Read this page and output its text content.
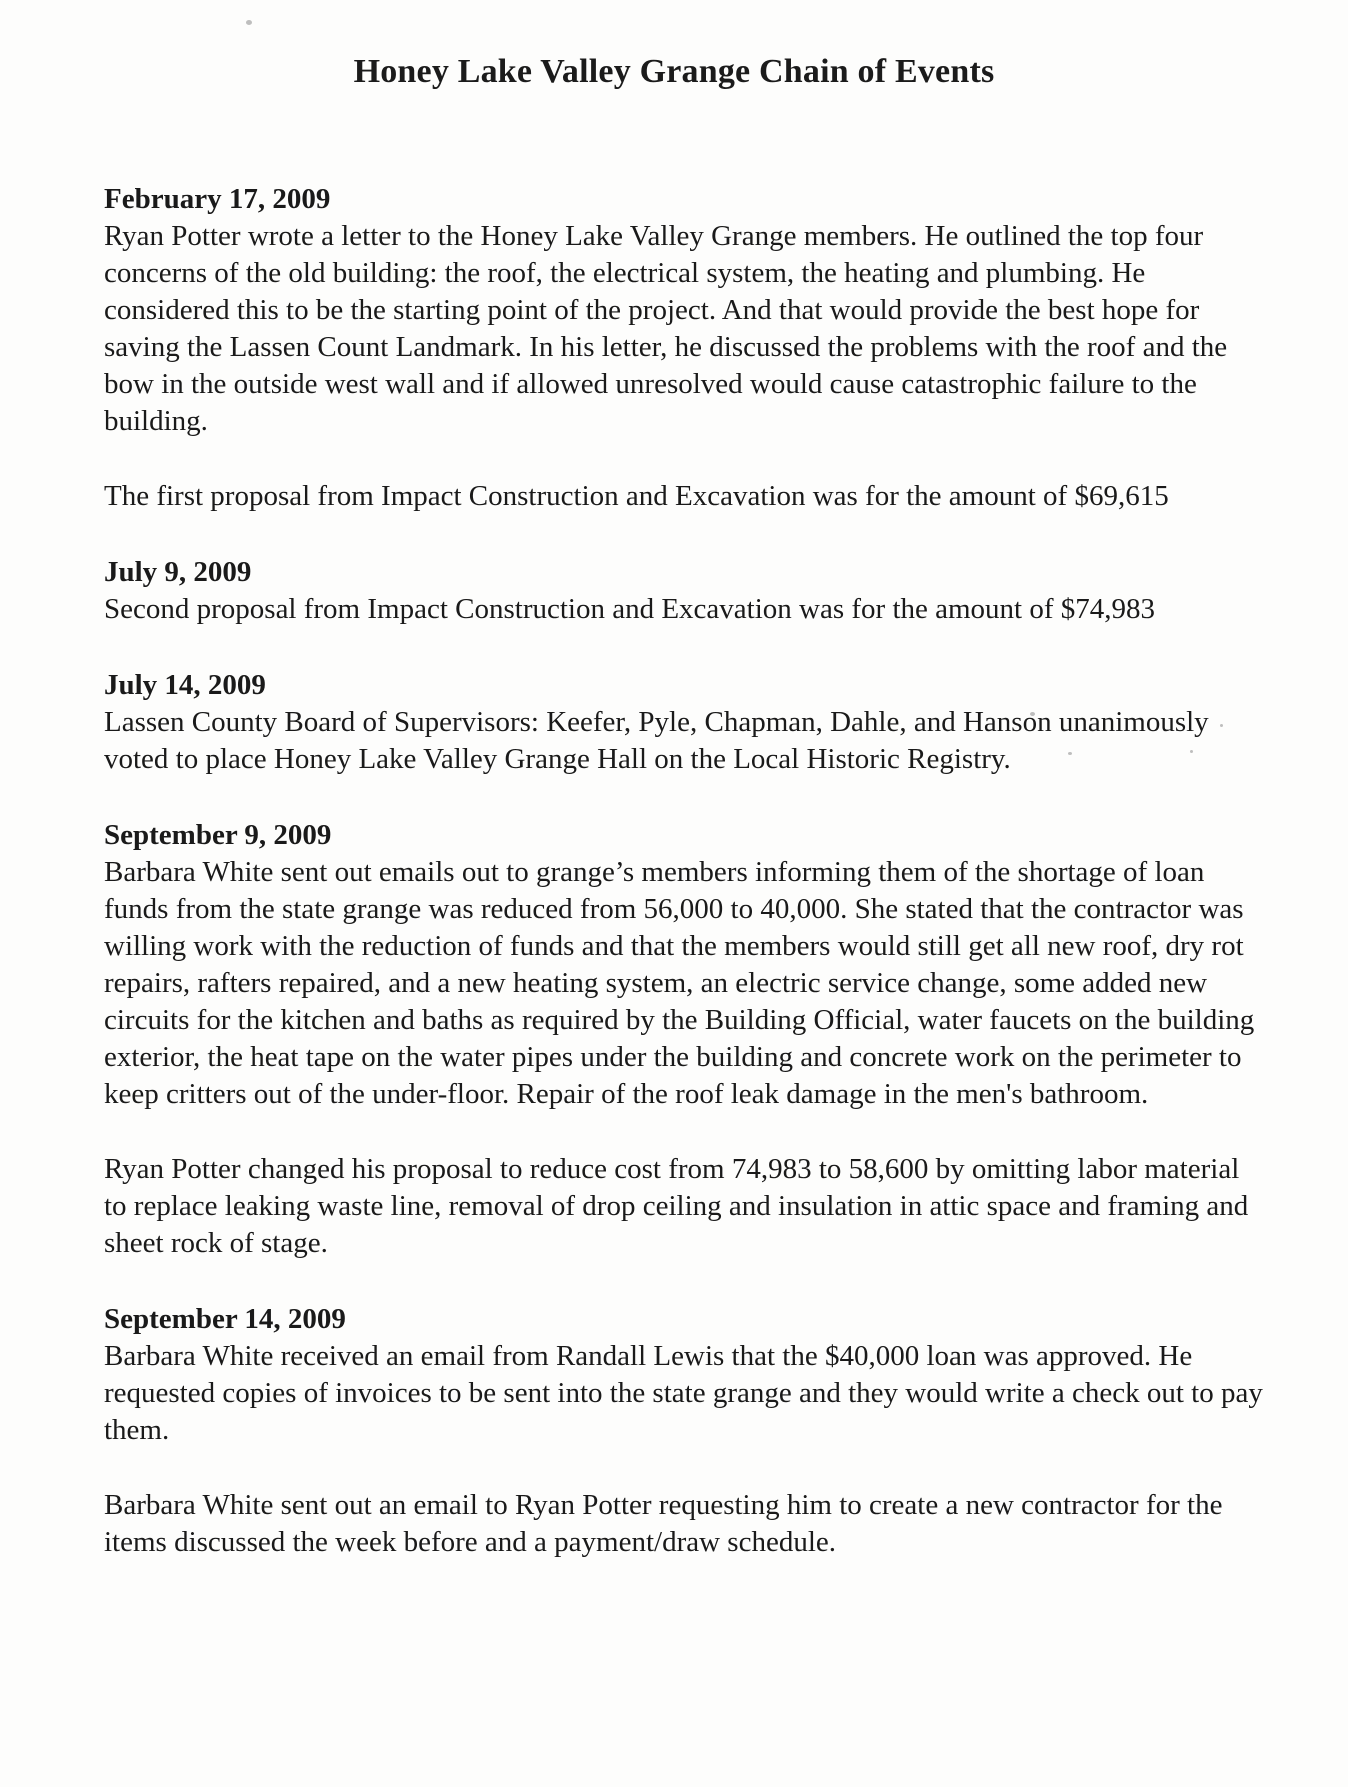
Honey Lake Valley Grange Chain of Events

February 17, 2009

Ryan Potter wrote a letter to the Honey Lake Valley Grange members. He outlined the top four concerns of the old building: the roof, the electrical system, the heating and plumbing. He considered this to be the starting point of the project. And that would provide the best hope for saving the Lassen Count Landmark. In his letter, he discussed the problems with the roof and the bow in the outside west wall and if allowed unresolved would cause catastrophic failure to the building.

The first proposal from Impact Construction and Excavation was for the amount of $69,615

July 9, 2009

Second proposal from Impact Construction and Excavation was for the amount of $74,983

July 14, 2009

Lassen County Board of Supervisors: Keefer, Pyle, Chapman, Dahle, and Hanson unanimously voted to place Honey Lake Valley Grange Hall on the Local Historic Registry.

September 9, 2009

Barbara White sent out emails out to grange’s members informing them of the shortage of loan funds from the state grange was reduced from 56,000 to 40,000. She stated that the contractor was willing work with the reduction of funds and that the members would still get all new roof, dry rot repairs, rafters repaired, and a new heating system, an electric service change, some added new circuits for the kitchen and baths as required by the Building Official, water faucets on the building exterior, the heat tape on the water pipes under the building and concrete work on the perimeter to keep critters out of the under-floor. Repair of the roof leak damage in the men's bathroom.

Ryan Potter changed his proposal to reduce cost from 74,983 to 58,600 by omitting labor material to replace leaking waste line, removal of drop ceiling and insulation in attic space and framing and sheet rock of stage.

September 14, 2009

Barbara White received an email from Randall Lewis that the $40,000 loan was approved. He requested copies of invoices to be sent into the state grange and they would write a check out to pay them.

Barbara White sent out an email to Ryan Potter requesting him to create a new contractor for the items discussed the week before and a payment/draw schedule.
